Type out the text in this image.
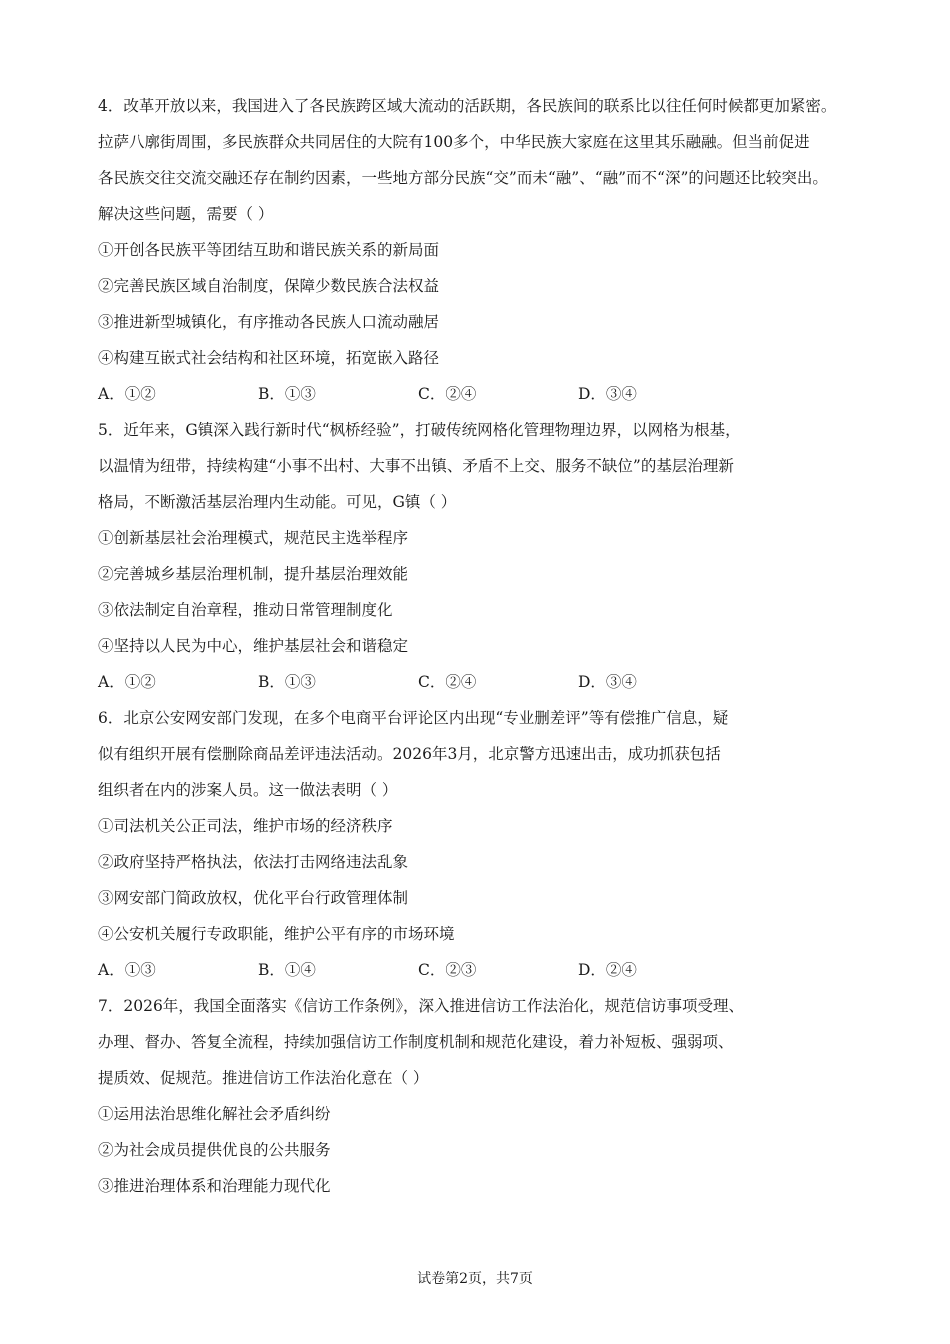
4．改革开放以来，我国进入了各民族跨区域大流动的活跃期，各民族间的联系比以往任何时候都更加紧密。
拉萨八廓街周围，多民族群众共同居住的大院有100多个，中华民族大家庭在这里其乐融融。但当前促进
各民族交往交流交融还存在制约因素，一些地方部分民族“交”而未“融”、“融”而不“深”的问题还比较突出。
解决这些问题，需要（ ）
①开创各民族平等团结互助和谐民族关系的新局面
②完善民族区域自治制度，保障少数民族合法权益
③推进新型城镇化，有序推动各民族人口流动融居
④构建互嵌式社会结构和社区环境，拓宽嵌入路径
A．①②	B．①③	C．②④	D．③④
5．近年来，G镇深入践行新时代“枫桥经验”，打破传统网格化管理物理边界，以网格为根基，
以温情为纽带，持续构建“小事不出村、大事不出镇、矛盾不上交、服务不缺位”的基层治理新
格局，不断激活基层治理内生动能。可见，G镇（ ）
①创新基层社会治理模式，规范民主选举程序
②完善城乡基层治理机制，提升基层治理效能
③依法制定自治章程，推动日常管理制度化
④坚持以人民为中心，维护基层社会和谐稳定
A．①②	B．①③	C．②④	D．③④
6．北京公安网安部门发现，在多个电商平台评论区内出现“专业删差评”等有偿推广信息，疑
似有组织开展有偿删除商品差评违法活动。2026年3月，北京警方迅速出击，成功抓获包括
组织者在内的涉案人员。这一做法表明（ ）
①司法机关公正司法，维护市场的经济秩序
②政府坚持严格执法，依法打击网络违法乱象
③网安部门简政放权，优化平台行政管理体制
④公安机关履行专政职能，维护公平有序的市场环境
A．①③	B．①④	C．②③	D．②④
7．2026年，我国全面落实《信访工作条例》，深入推进信访工作法治化，规范信访事项受理、
办理、督办、答复全流程，持续加强信访工作制度机制和规范化建设，着力补短板、强弱项、
提质效、促规范。推进信访工作法治化意在（ ）
①运用法治思维化解社会矛盾纠纷
②为社会成员提供优良的公共服务
③推进治理体系和治理能力现代化
试卷第2页，共7页
